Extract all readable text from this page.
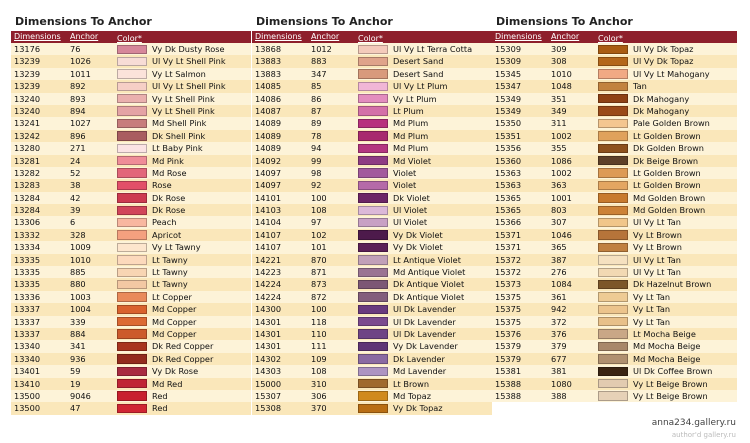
Dimensions To Anchor
Dimensions	Anchor	Color*
13176	76	Vy Dk Dusty Rose
13239	1026	Ul Vy Lt Shell Pink
13239	1011	Vy Lt Salmon
13239	892	Ul Vy Lt Shell Pink
13240	893	Vy Lt Shell Pink
13240	894	Vy Lt Shell Pink
13241	1027	Md Shell Pink
13242	896	Dk Shell Pink
13280	271	Lt Baby Pink
13281	24	Md Pink
13282	52	Md Rose
13283	38	Rose
13284	42	Dk Rose
13284	39	Dk Rose
13306	6	Peach
13332	328	Apricot
13334	1009	Vy Lt Tawny
13335	1010	Lt Tawny
13335	885	Lt Tawny
13335	880	Lt Tawny
13336	1003	Lt Copper
13337	1004	Md Copper
13337	339	Md Copper
13337	884	Md Copper
13340	341	Dk Red Copper
13340	936	Dk Red Copper
13401	59	Vy Dk Rose
13410	19	Md Red
13500	9046	Red
13500	47	Red
Dimensions To Anchor
Dimensions	Anchor	Color*
13868	1012	Ul Vy Lt Terra Cotta
13883	883	Desert Sand
13883	347	Desert Sand
14085	85	Ul Vy Lt Plum
14086	86	Vy Lt Plum
14087	87	Lt Plum
14089	89	Md Plum
14089	78	Md Plum
14089	94	Md Plum
14092	99	Md Violet
14097	98	Violet
14097	92	Violet
14101	100	Dk Violet
14103	108	Ul Violet
14104	97	Ul Violet
14107	102	Vy Dk Violet
14107	101	Vy Dk Violet
14221	870	Lt Antique Violet
14223	871	Md Antique Violet
14224	873	Dk Antique Violet
14224	872	Dk Antique Violet
14300	100	Ul Dk Lavender
14301	118	Ul Dk Lavender
14301	110	Ul Dk Lavender
14301	111	Vy Dk Lavender
14302	109	Dk Lavender
14303	108	Md Lavender
15000	310	Lt Brown
15307	306	Md Topaz
15308	370	Vy Dk Topaz
Dimensions To Anchor
Dimensions	Anchor	Color*
15309	309	Ul Vy Dk Topaz
15309	308	Ul Vy Dk Topaz
15345	1010	Ul Vy Lt Mahogany
15347	1048	Tan
15349	351	Dk Mahogany
15349	349	Dk Mahogany
15350	311	Pale Golden Brown
15351	1002	Lt Golden Brown
15356	355	Dk Golden Brown
15360	1086	Dk Beige Brown
15363	1002	Lt Golden Brown
15363	363	Lt Golden Brown
15365	1001	Md Golden Brown
15365	803	Md Golden Brown
15366	307	Ul Vy Lt Tan
15371	1046	Vy Lt Brown
15371	365	Vy Lt Brown
15372	387	Ul Vy Lt Tan
15372	276	Ul Vy Lt Tan
15373	1084	Dk Hazelnut Brown
15375	361	Vy Lt Tan
15375	942	Vy Lt Tan
15375	372	Vy Lt Tan
15376	376	Lt Mocha Beige
15379	379	Md Mocha Beige
15379	677	Md Mocha Beige
15381	381	Ul Dk Coffee Brown
15388	1080	Vy Lt Beige Brown
15388	388	Vy Lt Beige Brown
anna234.gallery.ru
author'd gallery.ru
